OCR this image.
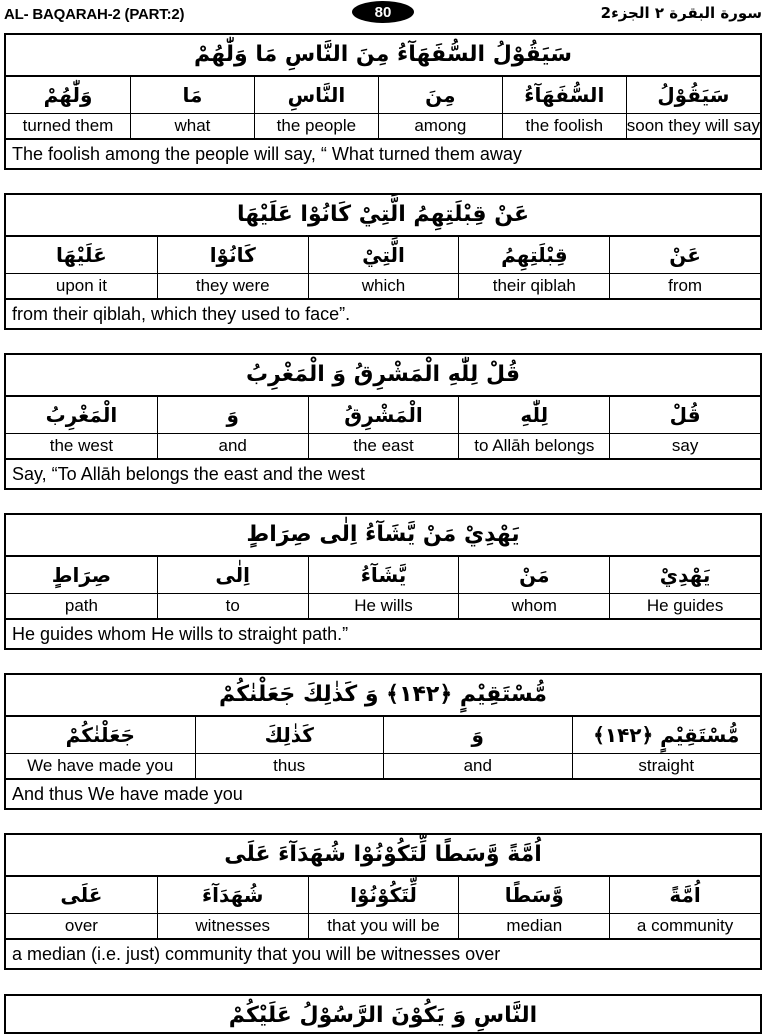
AL- BAQARAH-2 (PART:2)	80	سورة البقرة ٢ الجزء2
سَيَقُوْلُ السُّفَهَآءُ مِنَ النَّاسِ مَا وَلّٰهُمْ
سَيَقُوْلُ
soon they will say
السُّفَهَآءُ
the foolish
مِنَ
among
النَّاسِ
the people
مَا
what
وَلّٰهُمْ
turned them
The foolish among the people will say, “ What turned them away
عَنْ قِبْلَتِهِمُ الَّتِيْ كَانُوْا عَلَيْهَا
عَنْ
from
قِبْلَتِهِمُ
their qiblah
الَّتِيْ
which
كَانُوْا
they were
عَلَيْهَا
upon it
from their qiblah, which they used to face”.
قُلْ لِلّٰهِ الْمَشْرِقُ وَ الْمَغْرِبُ
قُلْ
say
لِلّٰهِ
to Allāh belongs
الْمَشْرِقُ
the east
وَ
and
الْمَغْرِبُ
the west
Say, “To Allāh belongs the east and the west
يَهْدِيْ مَنْ يَّشَآءُ اِلٰى صِرَاطٍ
يَهْدِيْ
He guides
مَنْ
whom
يَّشَآءُ
He wills
اِلٰى
to
صِرَاطٍ
path
He guides whom He wills to straight path.”
مُّسْتَقِيْمٍ ﴿۱۴۲﴾ وَ كَذٰلِكَ جَعَلْنٰكُمْ
مُّسْتَقِيْمٍ ﴿۱۴۲﴾
straight
وَ
and
كَذٰلِكَ
thus
جَعَلْنٰكُمْ
We have made you
And thus We have made you
اُمَّةً وَّسَطًا لِّتَكُوْنُوْا شُهَدَآءَ عَلَى
اُمَّةً
a community
وَّسَطًا
median
لِّتَكُوْنُوْا
that you will be
شُهَدَآءَ
witnesses
عَلَى
over
a median (i.e. just) community that you will be witnesses over
النَّاسِ وَ يَكُوْنَ الرَّسُوْلُ عَلَيْكُمْ
